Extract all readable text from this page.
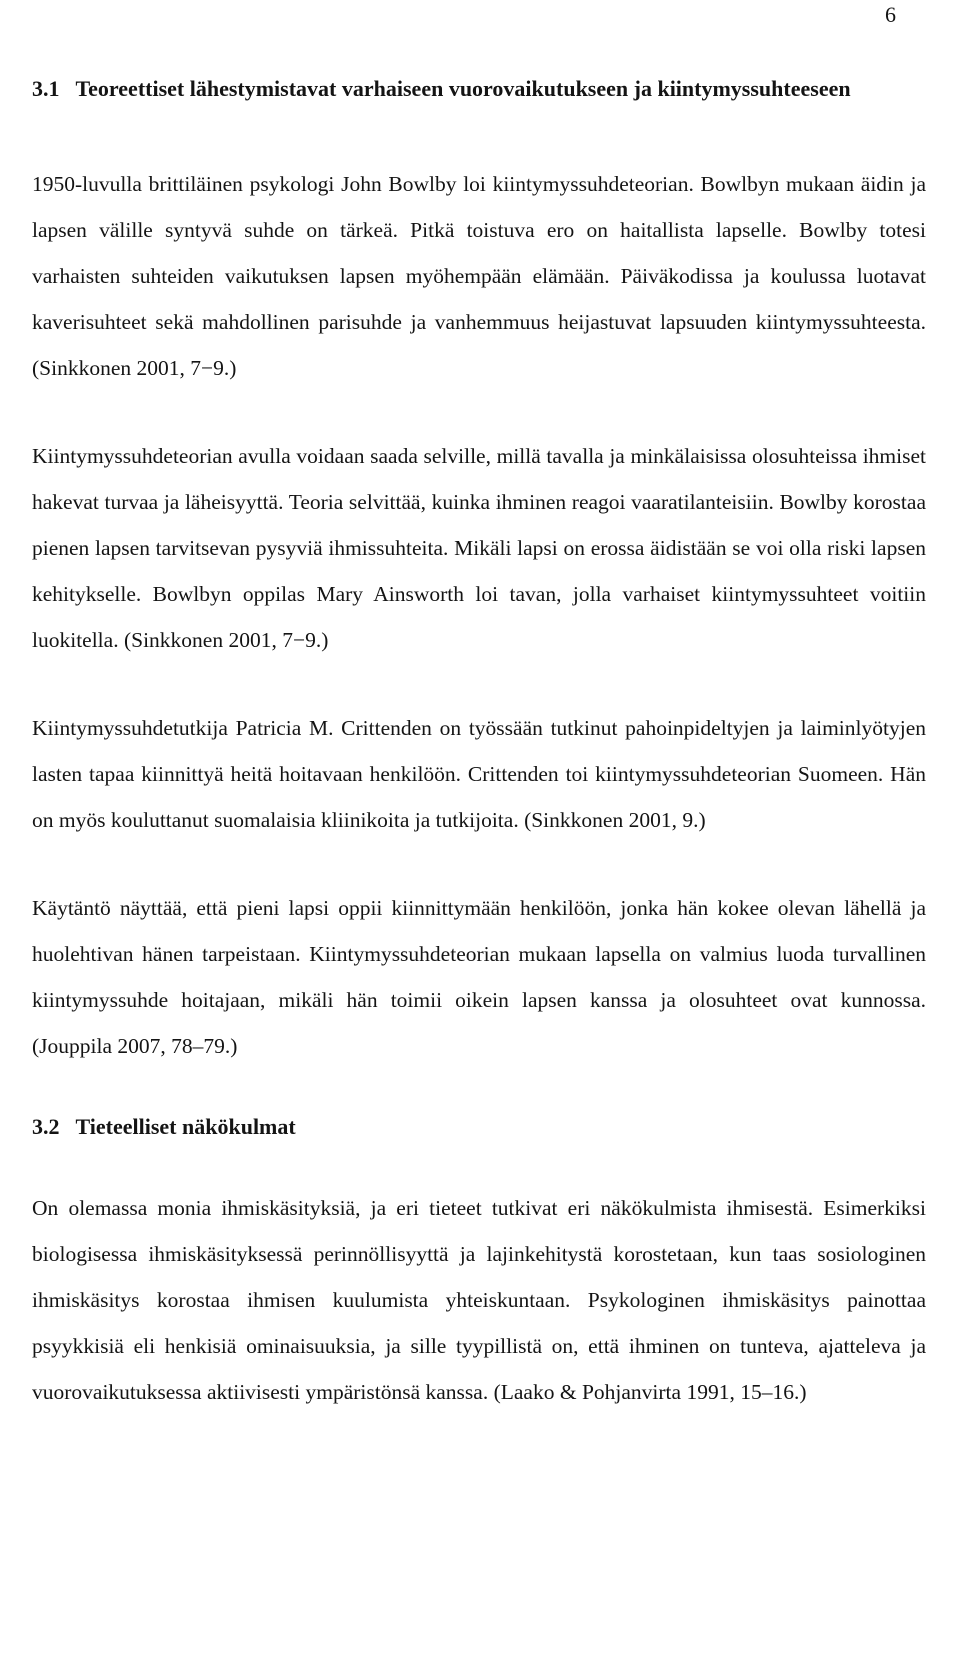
6
3.1 Teoreettiset lähestymistavat varhaiseen vuorovaikutukseen ja kiintymyssuhteeseen

1950-luvulla brittiläinen psykologi John Bowlby loi kiintymyssuhdeteorian. Bowlbyn mukaan äidin ja lapsen välille syntyvä suhde on tärkeä. Pitkä toistuva ero on haitallista lapselle. Bowlby totesi varhaisten suhteiden vaikutuksen lapsen myöhempään elämään. Päiväkodissa ja koulussa luotavat kaverisuhteet sekä mahdollinen parisuhde ja vanhemmuus heijastuvat lapsuuden kiintymyssuhteesta. (Sinkkonen 2001, 7−9.)

Kiintymyssuhdeteorian avulla voidaan saada selville, millä tavalla ja minkälaisissa olosuhteissa ihmiset hakevat turvaa ja läheisyyttä. Teoria selvittää, kuinka ihminen reagoi vaaratilanteisiin. Bowlby korostaa pienen lapsen tarvitsevan pysyviä ihmissuhteita. Mikäli lapsi on erossa äidistään se voi olla riski lapsen kehitykselle. Bowlbyn oppilas Mary Ainsworth loi tavan, jolla varhaiset kiintymyssuhteet voitiin luokitella. (Sinkkonen 2001, 7−9.)

Kiintymyssuhdetutkija Patricia M. Crittenden on työssään tutkinut pahoinpideltyjen ja laiminlyötyjen lasten tapaa kiinnittyä heitä hoitavaan henkilöön. Crittenden toi kiintymyssuhdeteorian Suomeen. Hän on myös kouluttanut suomalaisia kliinikoita ja tutkijoita. (Sinkkonen 2001, 9.)

Käytäntö näyttää, että pieni lapsi oppii kiinnittymään henkilöön, jonka hän kokee olevan lähellä ja huolehtivan hänen tarpeistaan. Kiintymyssuhdeteorian mukaan lapsella on valmius luoda turvallinen kiintymyssuhde hoitajaan, mikäli hän toimii oikein lapsen kanssa ja olosuhteet ovat kunnossa. (Jouppila 2007, 78–79.)

3.2 Tieteelliset näkökulmat

On olemassa monia ihmiskäsityksiä, ja eri tieteet tutkivat eri näkökulmista ihmisestä. Esimerkiksi biologisessa ihmiskäsityksessä perinnöllisyyttä ja lajinkehitystä korostetaan, kun taas sosiologinen ihmiskäsitys korostaa ihmisen kuulumista yhteiskuntaan. Psykologinen ihmiskäsitys painottaa psyykkisiä eli henkisiä ominaisuuksia, ja sille tyypillistä on, että ihminen on tunteva, ajatteleva ja vuorovaikutuksessa aktiivisesti ympäristönsä kanssa. (Laako & Pohjanvirta 1991, 15–16.)
